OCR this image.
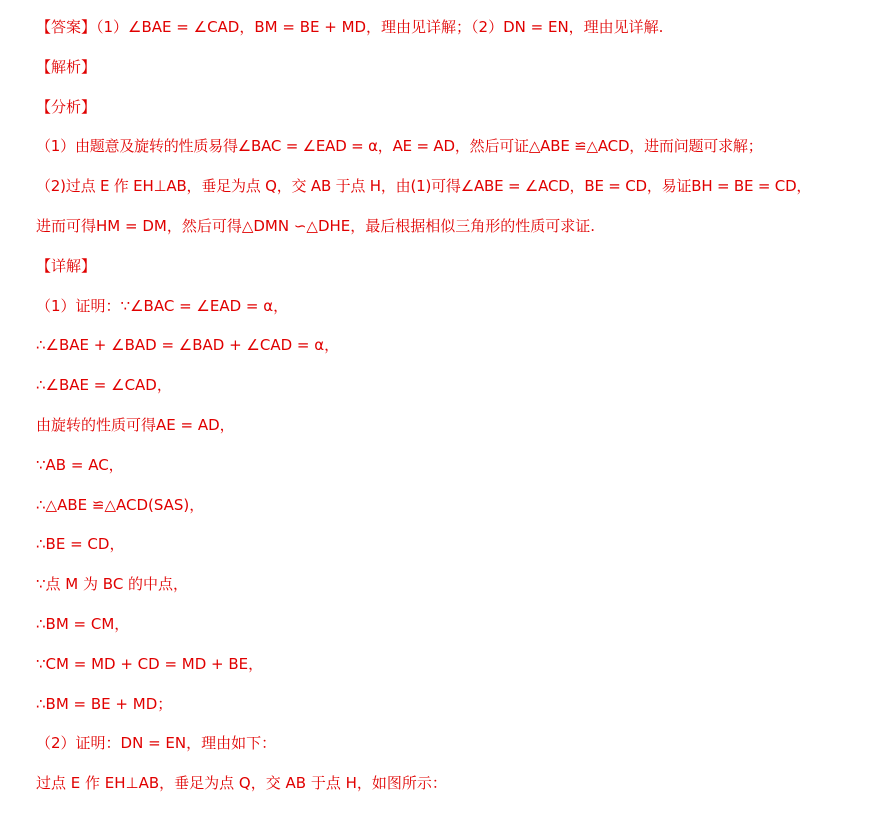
【答案】（1）∠BAE = ∠CAD，BM = BE + MD，理由见详解；（2）DN = EN，理由见详解.
【解析】
【分析】
（1）由题意及旋转的性质易得∠BAC = ∠EAD = α，AE = AD，然后可证△ABE ≌△ACD，进而问题可求解；
（2)过点 E 作 EH⊥AB，垂足为点 Q，交 AB 于点 H，由(1)可得∠ABE = ∠ACD，BE = CD，易证BH = BE = CD，
进而可得HM = DM，然后可得△DMN ∽△DHE，最后根据相似三角形的性质可求证.
【详解】
（1）证明：∵∠BAC = ∠EAD = α，
∴∠BAE + ∠BAD = ∠BAD + ∠CAD = α，
∴∠BAE = ∠CAD，
由旋转的性质可得AE = AD，
∵AB = AC，
∴△ABE ≌△ACD(SAS)，
∴BE = CD，
∵点 M 为 BC 的中点，
∴BM = CM，
∵CM = MD + CD = MD + BE，
∴BM = BE + MD；
（2）证明：DN = EN，理由如下：
过点 E 作 EH⊥AB，垂足为点 Q，交 AB 于点 H，如图所示：
